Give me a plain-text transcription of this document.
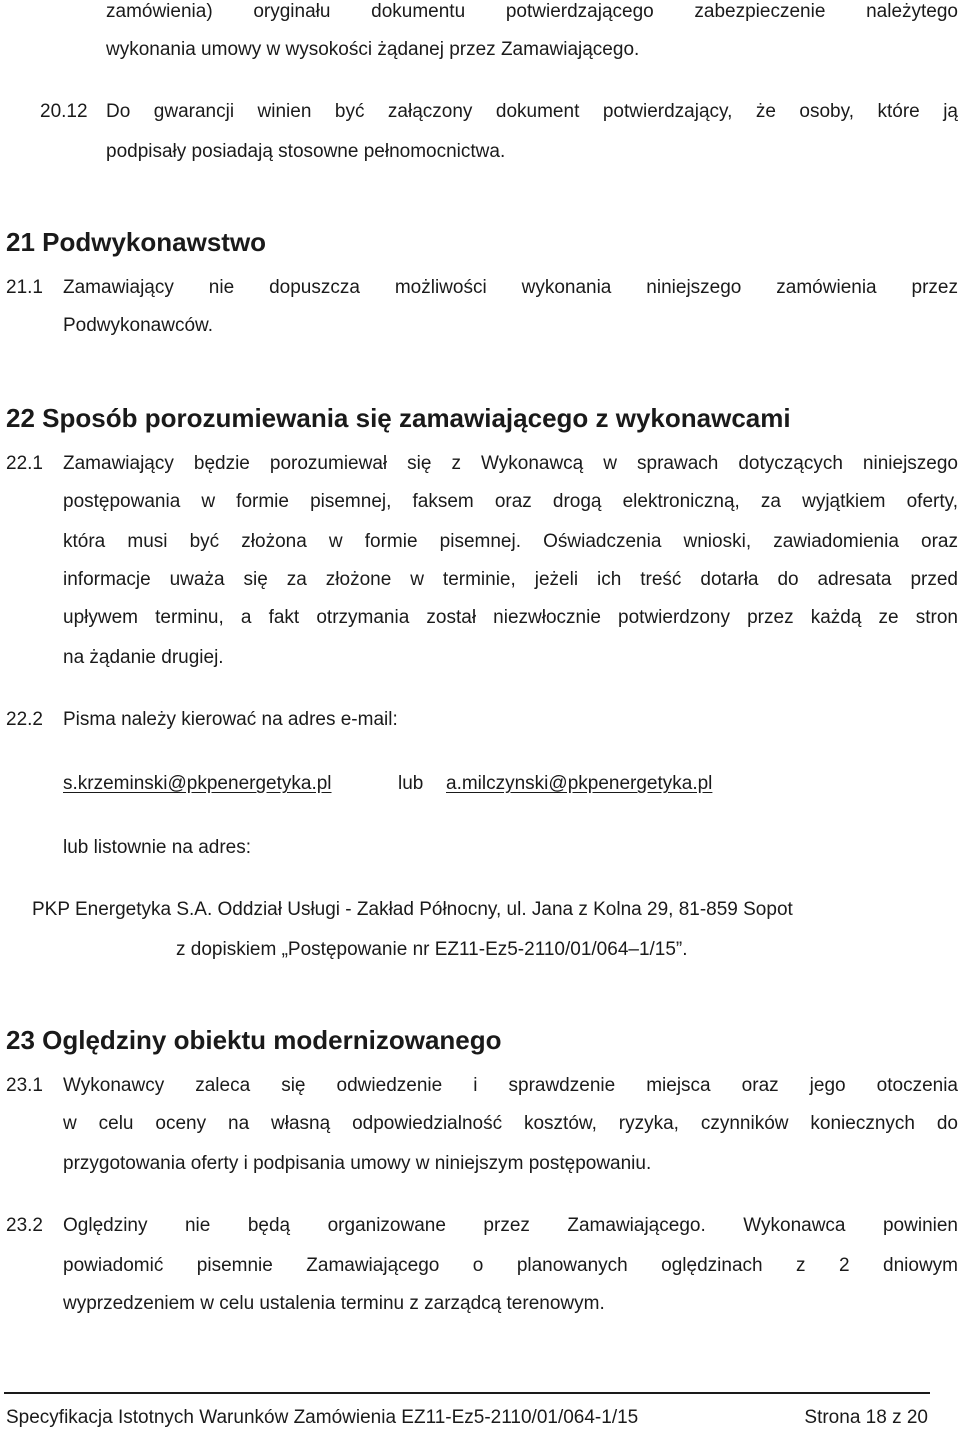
zamówienia) oryginału dokumentu potwierdzającego zabezpieczenie należytego
wykonania umowy w wysokości żądanej przez Zamawiającego.
20.12 Do gwarancji winien być załączony dokument potwierdzający, że osoby, które ją
podpisały posiadają stosowne pełnomocnictwa.
21 Podwykonawstwo
21.1 Zamawiający nie dopuszcza możliwości wykonania niniejszego zamówienia przez
Podwykonawców.
22 Sposób porozumiewania się zamawiającego z wykonawcami
22.1 Zamawiający będzie porozumiewał się z Wykonawcą w sprawach dotyczących niniejszego
postępowania w formie pisemnej, faksem oraz drogą elektroniczną, za wyjątkiem oferty,
która musi być złożona w formie pisemnej. Oświadczenia wnioski, zawiadomienia oraz
informacje uważa się za złożone w terminie, jeżeli ich treść dotarła do adresata przed
upływem terminu, a fakt otrzymania został niezwłocznie potwierdzony przez każdą ze stron
na żądanie drugiej.
22.2 Pisma należy kierować na adres e-mail:
s.krzeminski@pkpenergetyka.pl	lub a.milczynski@pkpenergetyka.pl
lub listownie na adres:
PKP Energetyka S.A. Oddział Usługi - Zakład Północny, ul. Jana z Kolna 29, 81-859 Sopot
z dopiskiem „Postępowanie nr EZ11-Ez5-2110/01/064–1/15”.
23 Oględziny obiektu modernizowanego
23.1 Wykonawcy zaleca się odwiedzenie i sprawdzenie miejsca oraz jego otoczenia
w celu oceny na własną odpowiedzialność kosztów, ryzyka, czynników koniecznych do
przygotowania oferty i podpisania umowy w niniejszym postępowaniu.
23.2 Oględziny nie będą organizowane przez Zamawiającego. Wykonawca powinien
powiadomić pisemnie Zamawiającego o planowanych oględzinach z 2 dniowym
wyprzedzeniem w celu ustalenia terminu z zarządcą terenowym.
Specyfikacja Istotnych Warunków Zamówienia EZ11-Ez5-2110/01/064-1/15	Strona 18 z 20
